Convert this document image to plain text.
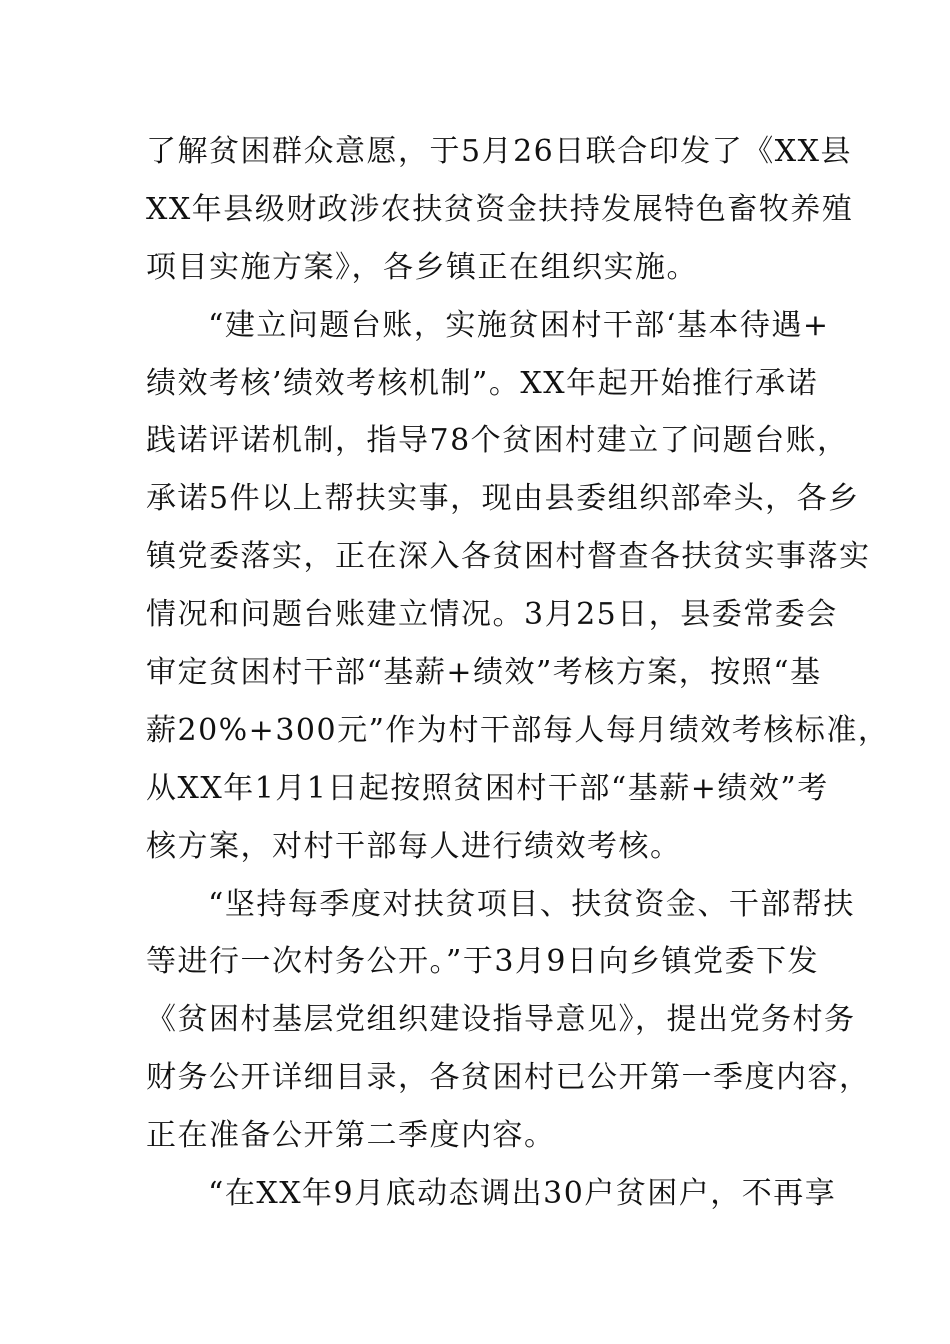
了解贫困群众意愿，于5月26日联合印发了《XX县
XX年县级财政涉农扶贫资金扶持发展特色畜牧养殖
项目实施方案》，各乡镇正在组织实施。
“建立问题台账，实施贫困村干部‘基本待遇+
绩效考核’绩效考核机制”。XX年起开始推行承诺
践诺评诺机制，指导78个贫困村建立了问题台账，
承诺5件以上帮扶实事，现由县委组织部牵头，各乡
镇党委落实，正在深入各贫困村督查各扶贫实事落实
情况和问题台账建立情况。3月25日，县委常委会
审定贫困村干部“基薪+绩效”考核方案，按照“基
薪20%+300元”作为村干部每人每月绩效考核标准，
从XX年1月1日起按照贫困村干部“基薪+绩效”考
核方案，对村干部每人进行绩效考核。
“坚持每季度对扶贫项目、扶贫资金、干部帮扶
等进行一次村务公开。”于3月9日向乡镇党委下发
《贫困村基层党组织建设指导意见》，提出党务村务
财务公开详细目录，各贫困村已公开第一季度内容，
正在准备公开第二季度内容。
“在XX年9月底动态调出30户贫困户，不再享
